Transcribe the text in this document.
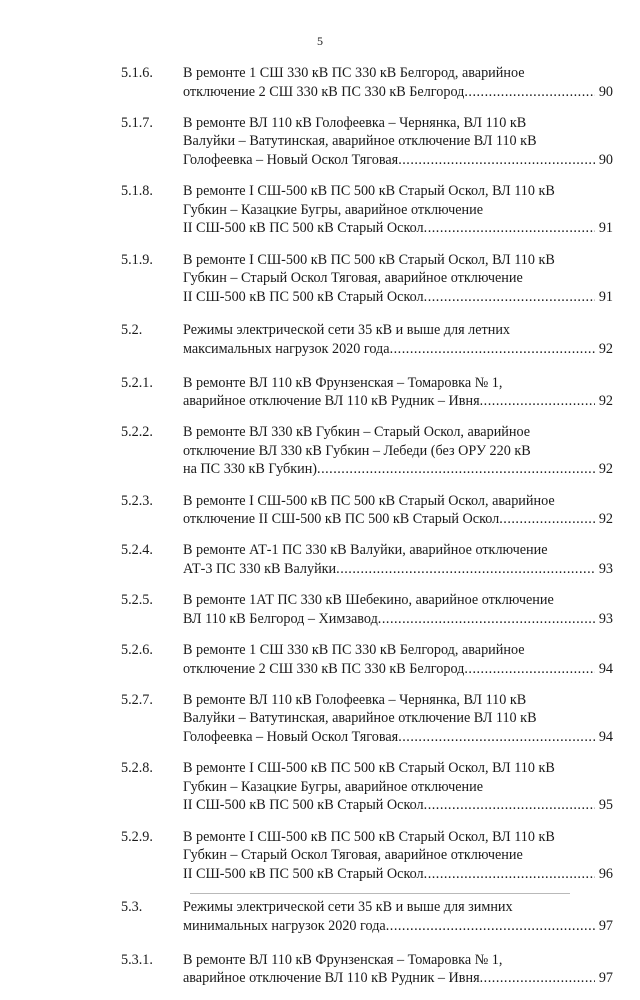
5
5.1.6.	В ремонте 1 СШ 330 кВ ПС 330 кВ Белгород, аварийное
отключение 2 СШ 330 кВ ПС 330 кВ Белгород .....	90
5.1.7.	В ремонте ВЛ 110 кВ Голофеевка – Чернянка, ВЛ 110 кВ
Валуйки – Ватутинская, аварийное отключение ВЛ 110 кВ
Голофеевка – Новый Оскол Тяговая .....	90
5.1.8.	В ремонте I СШ-500 кВ ПС 500 кВ Старый Оскол, ВЛ 110 кВ
Губкин – Казацкие Бугры, аварийное отключение
II СШ-500 кВ ПС 500 кВ Старый Оскол .....	91
5.1.9.	В ремонте I СШ-500 кВ ПС 500 кВ Старый Оскол, ВЛ 110 кВ
Губкин – Старый Оскол Тяговая, аварийное отключение
II СШ-500 кВ ПС 500 кВ Старый Оскол .....	91
5.2.	Режимы электрической сети 35 кВ и выше для летних
максимальных нагрузок 2020 года .....	92
5.2.1.	В ремонте ВЛ 110 кВ Фрунзенская – Томаровка № 1,
аварийное отключение ВЛ 110 кВ Рудник – Ивня .....	92
5.2.2.	В ремонте ВЛ 330 кВ Губкин – Старый Оскол, аварийное
отключение ВЛ 330 кВ Губкин – Лебеди (без ОРУ 220 кВ
на ПС 330 кВ Губкин) .....	92
5.2.3.	В ремонте I СШ-500 кВ ПС 500 кВ Старый Оскол, аварийное
отключение II СШ-500 кВ ПС 500 кВ Старый Оскол .....	92
5.2.4.	В ремонте АТ-1 ПС 330 кВ Валуйки, аварийное отключение
АТ-3 ПС 330 кВ Валуйки .....	93
5.2.5.	В ремонте 1АТ ПС 330 кВ Шебекино, аварийное отключение
ВЛ 110 кВ Белгород – Химзавод .....	93
5.2.6.	В ремонте 1 СШ 330 кВ ПС 330 кВ Белгород, аварийное
отключение 2 СШ 330 кВ ПС 330 кВ Белгород .....	94
5.2.7.	В ремонте ВЛ 110 кВ Голофеевка – Чернянка, ВЛ 110 кВ
Валуйки – Ватутинская, аварийное отключение ВЛ 110 кВ
Голофеевка – Новый Оскол Тяговая .....	94
5.2.8.	В ремонте I СШ-500 кВ ПС 500 кВ Старый Оскол, ВЛ 110 кВ
Губкин – Казацкие Бугры, аварийное отключение
II СШ-500 кВ ПС 500 кВ Старый Оскол .....	95
5.2.9.	В ремонте I СШ-500 кВ ПС 500 кВ Старый Оскол, ВЛ 110 кВ
Губкин – Старый Оскол Тяговая, аварийное отключение
II СШ-500 кВ ПС 500 кВ Старый Оскол .....	96
5.3.	Режимы электрической сети 35 кВ и выше для зимних
минимальных нагрузок 2020 года .....	97
5.3.1.	В ремонте ВЛ 110 кВ Фрунзенская – Томаровка № 1,
аварийное отключение ВЛ 110 кВ Рудник – Ивня .....	97
